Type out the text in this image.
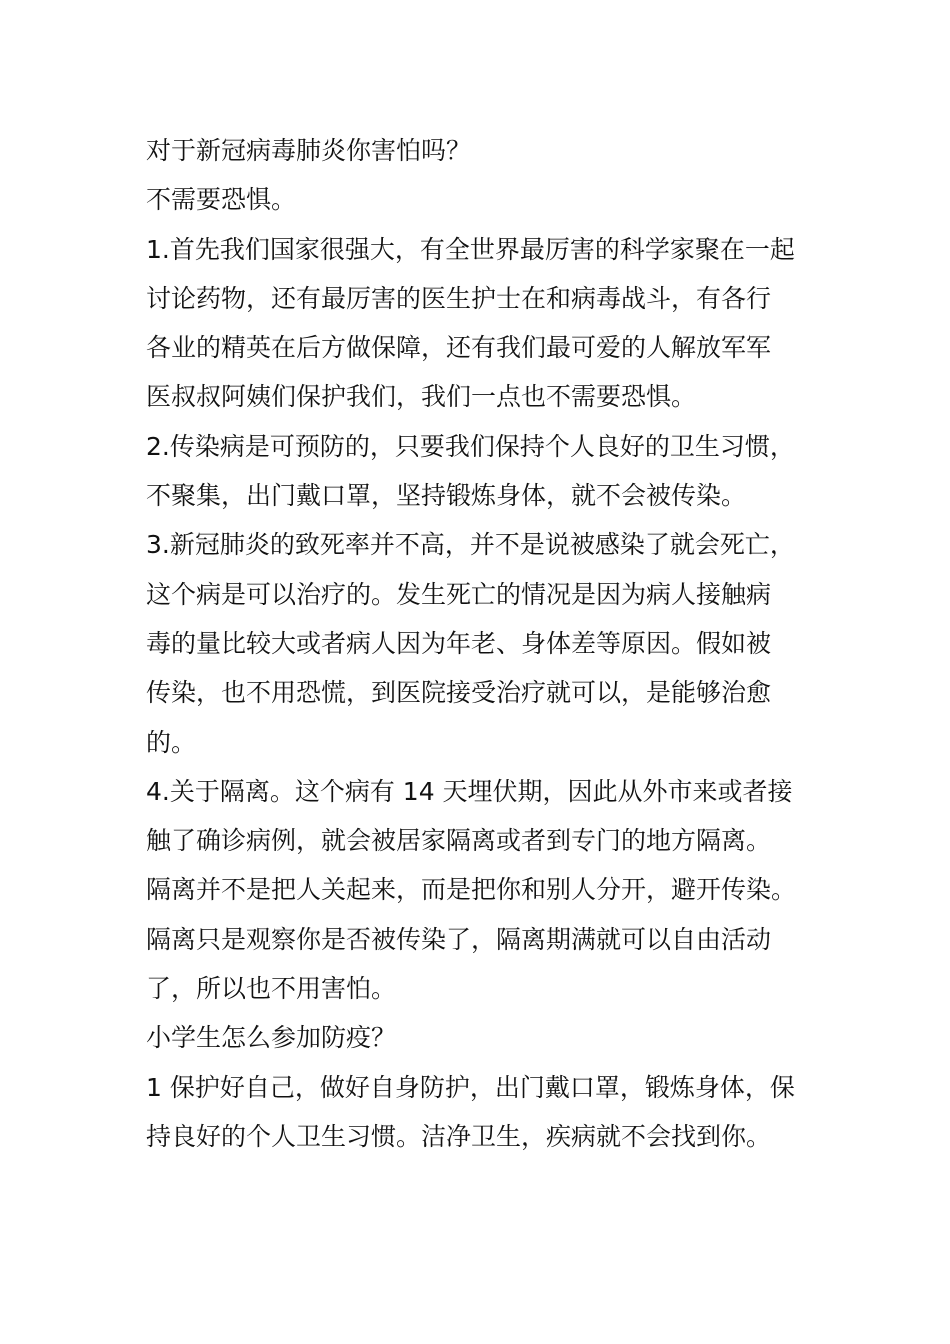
对于新冠病毒肺炎你害怕吗？
不需要恐惧。
1.首先我们国家很强大，有全世界最厉害的科学家聚在一起
讨论药物，还有最厉害的医生护士在和病毒战斗，有各行
各业的精英在后方做保障，还有我们最可爱的人解放军军
医叔叔阿姨们保护我们，我们一点也不需要恐惧。
2.传染病是可预防的，只要我们保持个人良好的卫生习惯，
不聚集，出门戴口罩，坚持锻炼身体，就不会被传染。
3.新冠肺炎的致死率并不高，并不是说被感染了就会死亡，
这个病是可以治疗的。发生死亡的情况是因为病人接触病
毒的量比较大或者病人因为年老、身体差等原因。假如被
传染，也不用恐慌，到医院接受治疗就可以，是能够治愈
的。
4.关于隔离。这个病有 14 天埋伏期，因此从外市来或者接
触了确诊病例，就会被居家隔离或者到专门的地方隔离。
隔离并不是把人关起来，而是把你和别人分开，避开传染。
隔离只是观察你是否被传染了，隔离期满就可以自由活动
了，所以也不用害怕。
小学生怎么参加防疫？
1 保护好自己，做好自身防护，出门戴口罩，锻炼身体，保
持良好的个人卫生习惯。洁净卫生，疾病就不会找到你。
